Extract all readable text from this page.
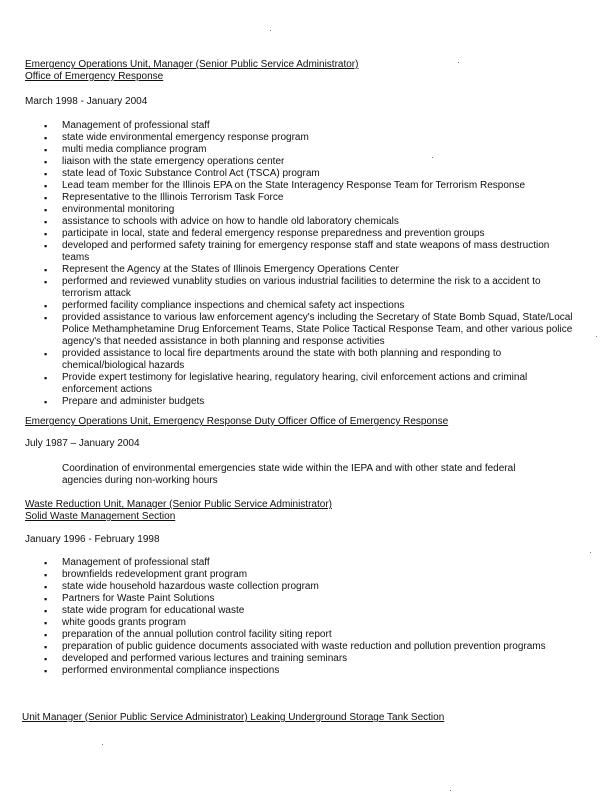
Emergency Operations Unit, Manager (Senior Public Service Administrator)
Office of Emergency Response
March 1998 - January 2004
▪ Management of professional staff
▪ state wide environmental emergency response program
▪ multi media compliance program
▪ liaison with the state emergency operations center
▪ state lead of Toxic Substance Control Act (TSCA) program
▪ Lead team member for the Illinois EPA on the State Interagency Response Team for Terrorism Response
▪ Representative to the Illinois Terrorism Task Force
▪ environmental monitoring
▪ assistance to schools with advice on how to handle old laboratory chemicals
▪ participate in local, state and federal emergency response preparedness and prevention groups
▪ developed and performed safety training for emergency response staff and state weapons of mass destruction teams
▪ Represent the Agency at the States of Illinois Emergency Operations Center
▪ performed and reviewed vunablity studies on various industrial facilities to determine the risk to a accident to terrorism attack
▪ performed facility compliance inspections and chemical safety act inspections
▪ provided assistance to various law enforcement agency's including the Secretary of State Bomb Squad, State/Local Police Methamphetamine Drug Enforcement Teams, State Police Tactical Response Team, and other various police agency's that needed assistance in both planning and response activities
▪ provided assistance to local fire departments around the state with both planning and responding to chemical/biological hazards
▪ Provide expert testimony for legislative hearing, regulatory hearing, civil enforcement actions and criminal enforcement actions
▪ Prepare and administer budgets
Emergency Operations Unit, Emergency Response Duty Officer Office of Emergency Response
July 1987 – January 2004
Coordination of environmental emergencies state wide within the IEPA and with other state and federal agencies during non-working hours
Waste Reduction Unit, Manager (Senior Public Service Administrator)
Solid Waste Management Section
January 1996 - February 1998
▪ Management of professional staff
▪ brownfields redevelopment grant program
▪ state wide household hazardous waste collection program
▪ Partners for Waste Paint Solutions
▪ state wide program for educational waste
▪ white goods grants program
▪ preparation of the annual pollution control facility siting report
▪ preparation of public guidence documents associated with waste reduction and pollution prevention programs
▪ developed and performed various lectures and training seminars
▪ performed environmental compliance inspections
Unit Manager (Senior Public Service Administrator) Leaking Underground Storage Tank Section
